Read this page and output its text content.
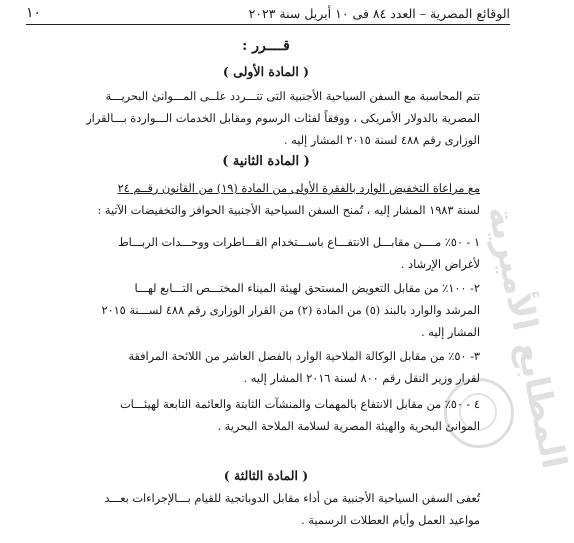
الوقائع المصرية – العدد ٨٤ فى ١٠ أبريل سنة ٢٠٢٣
١٠
المطابع الأميرية
قــــرر :
( المادة الأولى )
تتم المحاسبة مع السفن السياحية الأجنبية التى تتـــردد علــى المـــوانئ البحريـــة
المصرية بالدولار الأمريكى ، ووفقاً لفئات الرسوم ومقابل الخدمات الـــواردة بـــالقرار
الوزارى رقم ٤٨٨ لسنة ٢٠١٥ المشار إليه .
( المادة الثانية )
مع مراعاة التخفيض الوارد بالفقرة الأولى من المادة (١٩) من القانون رقــم ٢٤
لسنة ١٩٨٣ المشار إليه ، تُمنح السفن السياحية الأجنبية الحوافز والتخفيضات الآتية :
١ - ٥٠٪ مــــن مقابـــل الانتفـــاع باســـتخدام القـــاطرات ووحـــدات الربـــاط
لأغراض الإرشاد .
٢- ١٠٠٪ من مقابل التعويض المستحق لهيئة الميناء المختـــص التـــابع لهـــا
المرشد والوارد بالبند (٥) من المادة (٢) من القرار الوزارى رقم ٤٨٨ لســـنة ٢٠١٥
المشار إليه .
٣- ٥٠٪ من مقابل الوكالة الملاحية الوارد بالفصل العاشر من اللائحة المرافقة
لقرار وزير النقل رقم ٨٠٠ لسنة ٢٠١٦ المشار إليه .
٤ - ٥٠٪ من مقابل الانتفاع بالمهمات والمنشآت الثابتة والعائمة التابعة لهيئـــات
الموانئ البحرية والهيئة المصرية لسلامة الملاحة البحرية .
( المادة الثالثة )
تُعفى السفن السياحية الأجنبية من أداء مقابل الدوباتجية للقيام بـــالإجراءات بعـــد
مواعيد العمل وأيام العطلات الرسمية .
